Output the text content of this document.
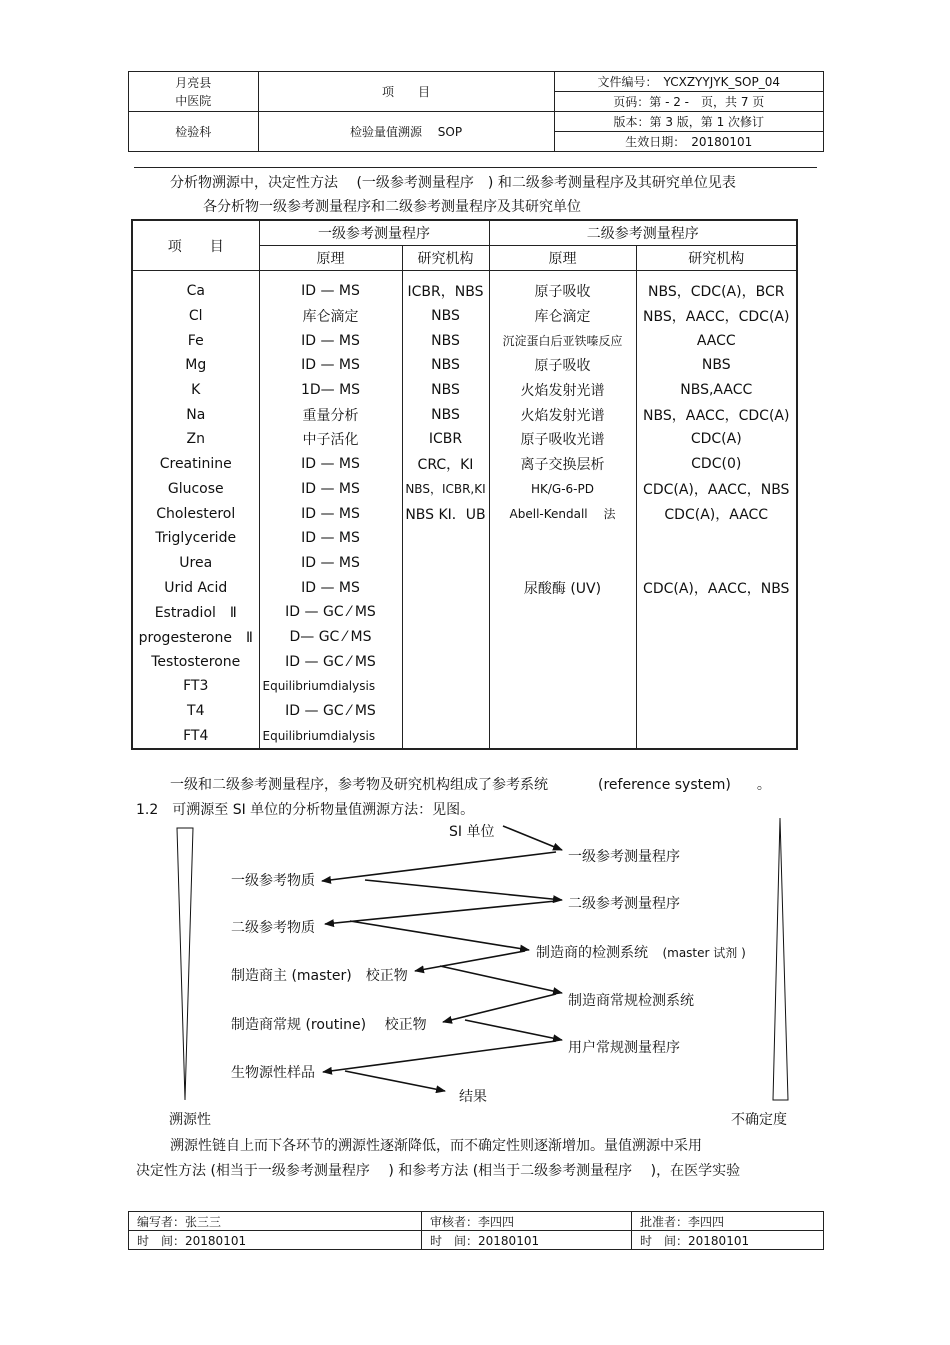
月亮县
中医院	项　　目	文件编号：　YCXZYYJYK_SOP_04
		页码：第 - 2 -　页，共 7 页
检验科	检验量值溯源　 SOP	版本：第 3 版，第 1 次修订
		生效日期：　20180101
分析物溯源中，决定性方法　 (一级参考测量程序　) 和二级参考测量程序及其研究单位见表
各分析物一级参考测量程序和二级参考测量程序及其研究单位
项　　目	一级参考测量程序		二级参考测量程序	
	原理	研究机构	原理	研究机构
Ca	ID — MS	ICBR，NBS	原子吸收	NBS，CDC(A)，BCR
Cl	库仑滴定	NBS	库仑滴定	NBS，AACC，CDC(A)
Fe	ID — MS	NBS	沉淀蛋白后亚铁嗪反应	AACC
Mg	ID — MS	NBS	原子吸收	NBS
K	1D— MS	NBS	火焰发射光谱	NBS,AACC
Na	重量分析	NBS	火焰发射光谱	NBS，AACC，CDC(A)
Zn	中子活化	ICBR	原子吸收光谱	CDC(A)
Creatinine	ID — MS	CRC，KI	离子交换层析	CDC(0)
Glucose	ID — MS	NBS，ICBR,KI	HK/G-6-PD	CDC(A)，AACC，NBS
Cholesterol	ID — MS	NBS KI．UB	Abell-Kendall　 法	CDC(A)，AACC
Triglyceride	ID — MS			
Urea	ID — MS			
Urid Acid	ID — MS		尿酸酶 (UV)	CDC(A)，AACC，NBS
Estradiol　Ⅱ	ID — GC ⁄ MS			
progesterone　Ⅱ	D— GC ⁄ MS			
Testosterone	ID — GC ⁄ MS			
FT3	Equilibriumdialysis			
T4	ID — GC ⁄ MS			
FT4	Equilibriumdialysis			
一级和二级参考测量程序，参考物及研究机构组成了参考系统	(reference system) 。
1.2　可溯源至 SI 单位的分析物量值溯源方法：见图。
SI 单位
一级参考测量程序
一级参考物质
二级参考测量程序
二级参考物质
制造商的检测系统 (master 试剂 )
制造商主 (master)　校正物
制造商常规检测系统
制造商常规 (routine)　 校正物
用户常规测量程序
生物源性样品
结果
溯源性	不确定度
溯源性链自上而下各环节的溯源性逐渐降低，而不确定性则逐渐增加。量值溯源中采用
决定性方法 (相当于一级参考测量程序　 ) 和参考方法 (相当于二级参考测量程序　 )，在医学实验
编写者：张三三	审核者：李四四	批准者：李四四
时　间：20180101	时　间：20180101	时　间：20180101
